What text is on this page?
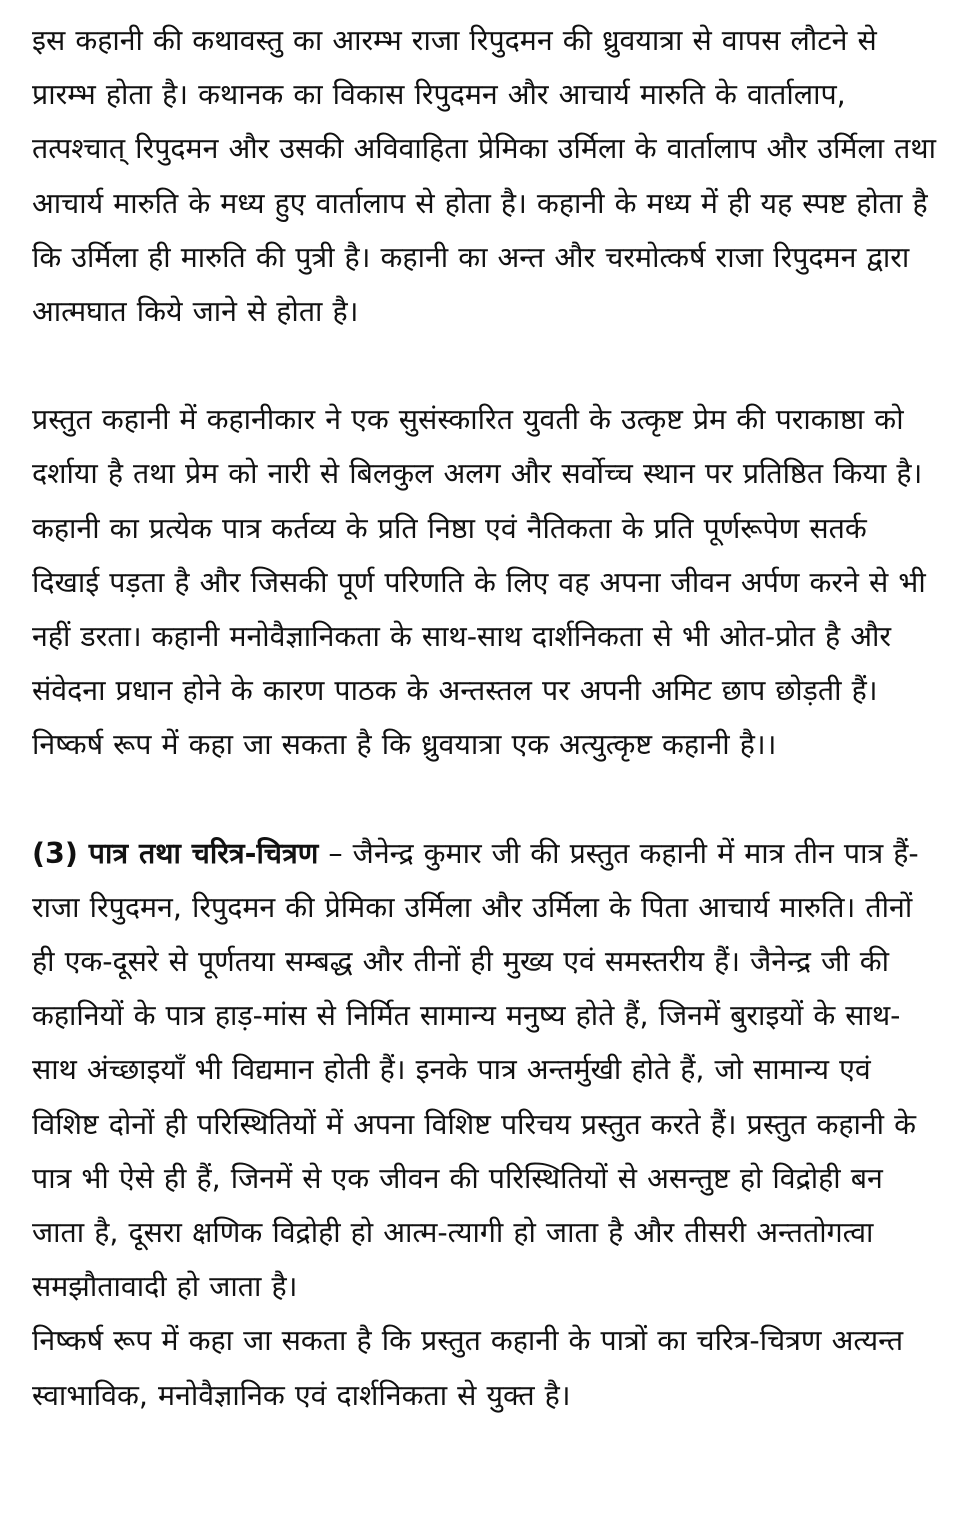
इस कहानी की कथावस्तु का आरम्भ राजा रिपुदमन की ध्रुवयात्रा से वापस लौटने से प्रारम्भ होता है। कथानक का विकास रिपुदमन और आचार्य मारुति के वार्तालाप, तत्पश्चात् रिपुदमन और उसकी अविवाहिता प्रेमिका उर्मिला के वार्तालाप और उर्मिला तथा आचार्य मारुति के मध्य हुए वार्तालाप से होता है। कहानी के मध्य में ही यह स्पष्ट होता है कि उर्मिला ही मारुति की पुत्री है। कहानी का अन्त और चरमोत्कर्ष राजा रिपुदमन द्वारा आत्मघात किये जाने से होता है।

प्रस्तुत कहानी में कहानीकार ने एक सुसंस्कारित युवती के उत्कृष्ट प्रेम की पराकाष्ठा को दर्शाया है तथा प्रेम को नारी से बिलकुल अलग और सर्वोच्च स्थान पर प्रतिष्ठित किया है। कहानी का प्रत्येक पात्र कर्तव्य के प्रति निष्ठा एवं नैतिकता के प्रति पूर्णरूपेण सतर्क दिखाई पड़ता है और जिसकी पूर्ण परिणति के लिए वह अपना जीवन अर्पण करने से भी नहीं डरता। कहानी मनोवैज्ञानिकता के साथ-साथ दार्शनिकता से भी ओत-प्रोत है और संवेदना प्रधान होने के कारण पाठक के अन्तस्तल पर अपनी अमिट छाप छोड़ती हैं। निष्कर्ष रूप में कहा जा सकता है कि ध्रुवयात्रा एक अत्युत्कृष्ट कहानी है।।

(3) पात्र तथा चरित्र-चित्रण – जैनेन्द्र कुमार जी की प्रस्तुत कहानी में मात्र तीन पात्र हैं-राजा रिपुदमन, रिपुदमन की प्रेमिका उर्मिला और उर्मिला के पिता आचार्य मारुति। तीनों ही एक-दूसरे से पूर्णतया सम्बद्ध और तीनों ही मुख्य एवं समस्तरीय हैं। जैनेन्द्र जी की कहानियों के पात्र हाड़-मांस से निर्मित सामान्य मनुष्य होते हैं, जिनमें बुराइयों के साथ-साथ अंच्छाइयाँ भी विद्यमान होती हैं। इनके पात्र अन्तर्मुखी होते हैं, जो सामान्य एवं विशिष्ट दोनों ही परिस्थितियों में अपना विशिष्ट परिचय प्रस्तुत करते हैं। प्रस्तुत कहानी के पात्र भी ऐसे ही हैं, जिनमें से एक जीवन की परिस्थितियों से असन्तुष्ट हो विद्रोही बन जाता है, दूसरा क्षणिक विद्रोही हो आत्म-त्यागी हो जाता है और तीसरी अन्ततोगत्वा समझौतावादी हो जाता है।

निष्कर्ष रूप में कहा जा सकता है कि प्रस्तुत कहानी के पात्रों का चरित्र-चित्रण अत्यन्त स्वाभाविक, मनोवैज्ञानिक एवं दार्शनिकता से युक्त है।
